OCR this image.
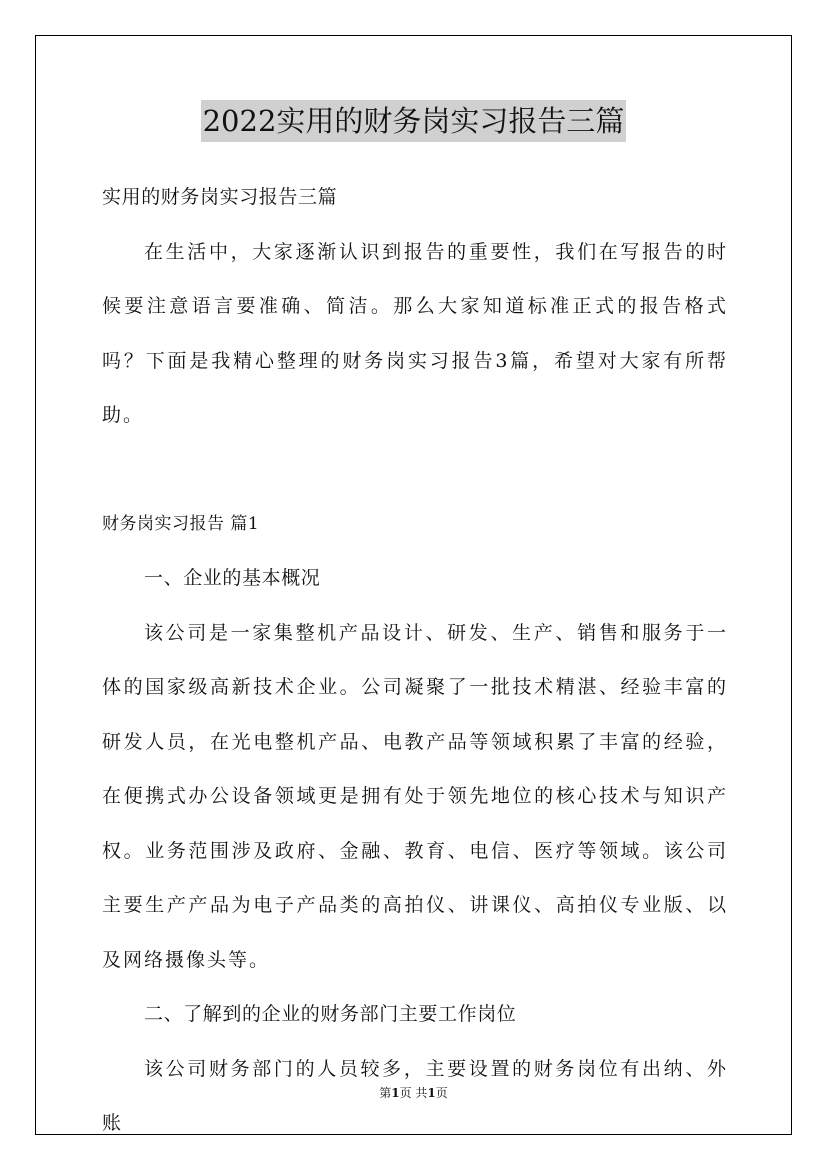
2022实用的财务岗实习报告三篇
实用的财务岗实习报告三篇

在生活中，大家逐渐认识到报告的重要性，我们在写报告的时候要注意语言要准确、简洁。那么大家知道标准正式的报告格式吗？下面是我精心整理的财务岗实习报告3篇，希望对大家有所帮助。

财务岗实习报告 篇1
一、企业的基本概况

该公司是一家集整机产品设计、研发、生产、销售和服务于一体的国家级高新技术企业。公司凝聚了一批技术精湛、经验丰富的研发人员，在光电整机产品、电教产品等领域积累了丰富的经验，在便携式办公设备领域更是拥有处于领先地位的核心技术与知识产权。业务范围涉及政府、金融、教育、电信、医疗等领域。该公司主要生产产品为电子产品类的高拍仪、讲课仪、高拍仪专业版、以及网络摄像头等。

二、了解到的企业的财务部门主要工作岗位

该公司财务部门的人员较多，主要设置的财务岗位有出纳、外账

第1页 共1页
